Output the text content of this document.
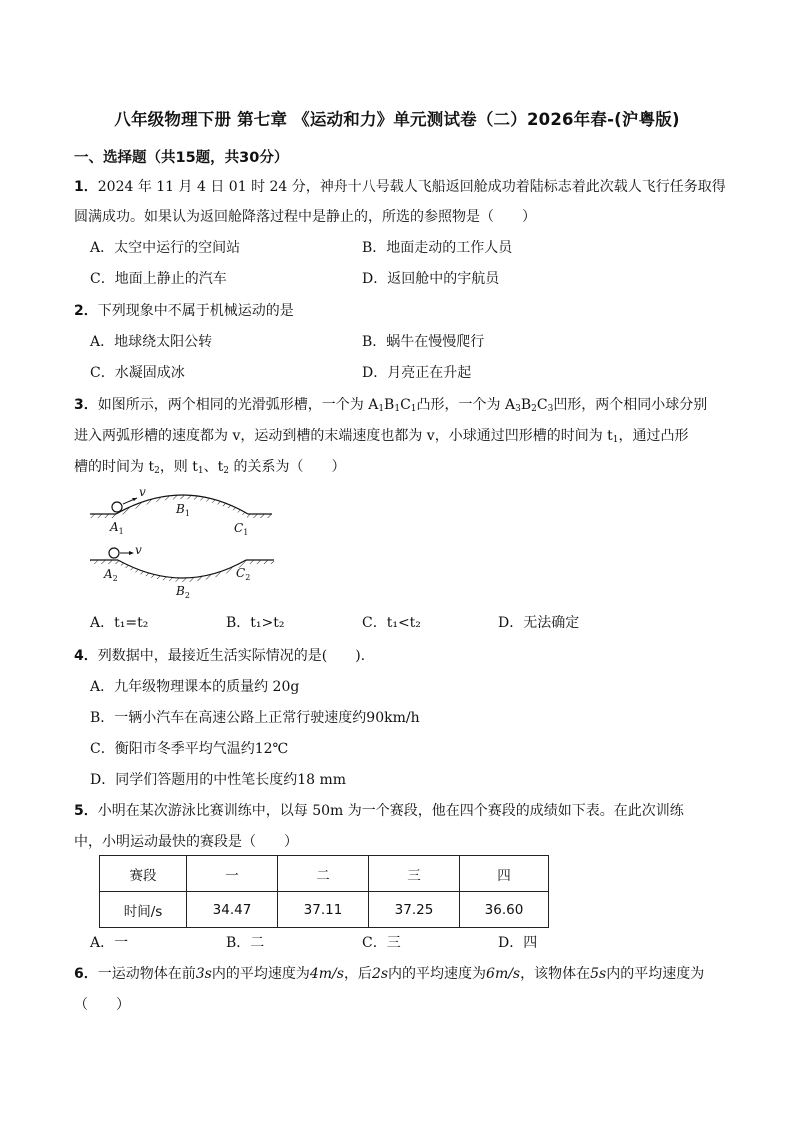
八年级物理下册 第七章 《运动和力》单元测试卷（二）2026年春-(沪粤版)
一、选择题（共15题，共30分）
1．2024 年 11 月 4 日 01 时 24 分，神舟十八号载人飞船返回舱成功着陆标志着此次载人飞行任务取得
圆满成功。如果认为返回舱降落过程中是静止的，所选的参照物是（　　）
A．太空中运行的空间站	B．地面走动的工作人员
C．地面上静止的汽车	D．返回舱中的宇航员
2．下列现象中不属于机械运动的是
A．地球绕太阳公转	B．蜗牛在慢慢爬行
C．水凝固成冰	D．月亮正在升起
3．如图所示，两个相同的光滑弧形槽，一个为 $A_1B_1C_1$凸形，一个为 $A_3B_2C_3$凹形，两个相同小球分别
进入两弧形槽的速度都为 v，运动到槽的末端速度也都为 v，小球通过凹形槽的时间为 $t_1$，通过凸形
槽的时间为 $t_2$，则 $t_1$、$t_2$ 的关系为（　　）
v
$A_1$
$B_1$
$C_1$
v
$A_2$
$B_2$
$C_2$
A．t₁=t₂	B．t₁>t₂	C．t₁<t₂	D．无法确定
4．列数据中，最接近生活实际情况的是(　　).
A．九年级物理课本的质量约 20g
B．一辆小汽车在高速公路上正常行驶速度约90km/h
C．衡阳市冬季平均气温约12℃
D．同学们答题用的中性笔长度约18 mm
5．小明在某次游泳比赛训练中，以每 50m 为一个赛段，他在四个赛段的成绩如下表。在此次训练
中，小明运动最快的赛段是（　　）
赛段	一	二	三	四
时间/s	34.47	37.11	37.25	36.60
A．一	B．二	C．三	D．四
6．一运动物体在前3s内的平均速度为4m/s，后2s内的平均速度为6m/s，该物体在5s内的平均速度为
（　　）
